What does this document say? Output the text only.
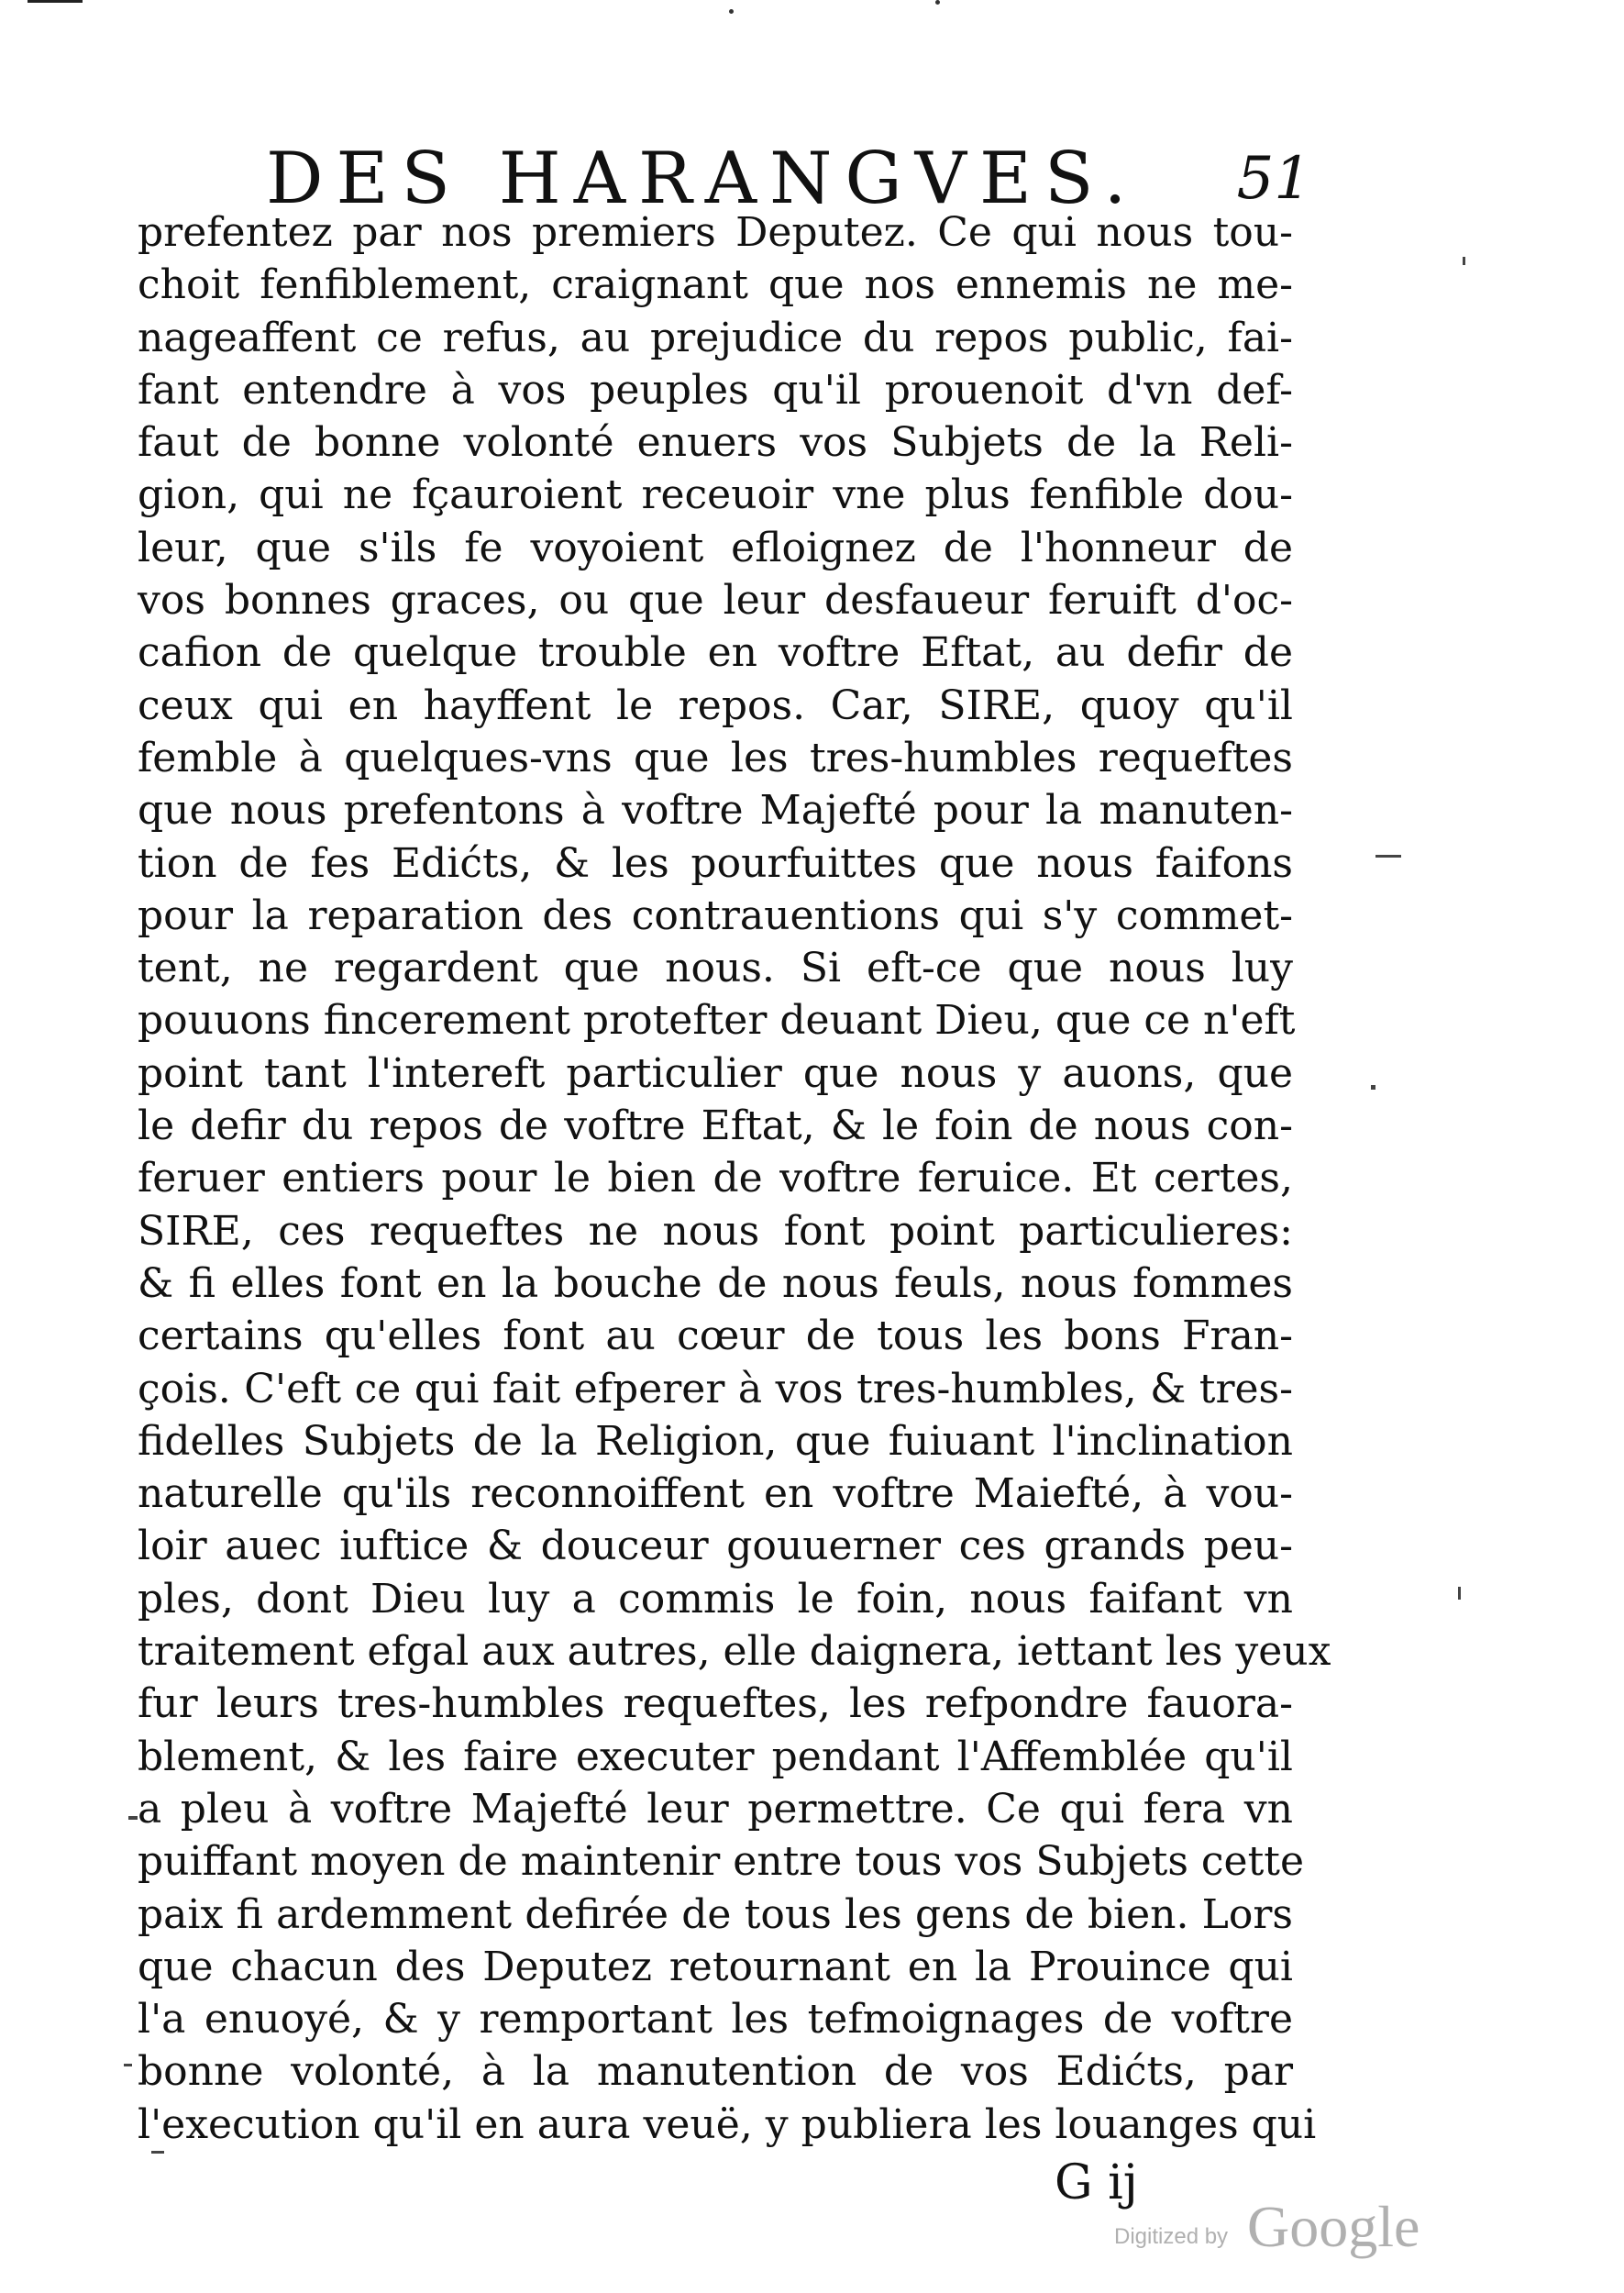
DES HARANGVES. 51
prefentez par nos premiers Deputez. Ce qui nous tou-
choit fenfiblement, craignant que nos ennemis ne me-
nageaffent ce refus, au prejudice du repos public, fai-
fant entendre à vos peuples qu'il prouenoit d'vn def-
faut de bonne volonté enuers vos Subjets de la Reli-
gion, qui ne fçauroient receuoir vne plus fenfible dou-
leur, que s'ils fe voyoient efloignez de l'honneur de
vos bonnes graces, ou que leur desfaueur feruift d'oc-
cafion de quelque trouble en voftre Eftat, au defir de
ceux qui en hayffent le repos. Car, SIRE, quoy qu'il
femble à quelques-vns que les tres-humbles requeftes
que nous prefentons à voftre Majefté pour la manuten-
tion de fes Edićts, & les pourfuittes que nous faifons
pour la reparation des contrauentions qui s'y commet-
tent, ne regardent que nous. Si eft-ce que nous luy
pouuons fincerement protefter deuant Dieu, que ce n'eft
point tant l'intereft particulier que nous y auons, que
le defir du repos de voftre Eftat, & le foin de nous con-
feruer entiers pour le bien de voftre feruice. Et certes,
SIRE, ces requeftes ne nous font point particulieres:
& fi elles font en la bouche de nous feuls, nous fommes
certains qu'elles font au cœur de tous les bons Fran-
çois. C'eft ce qui fait efperer à vos tres-humbles, & tres-
fidelles Subjets de la Religion, que fuiuant l'inclination
naturelle qu'ils reconnoiffent en voftre Maiefté, à vou-
loir auec iuftice & douceur gouuerner ces grands peu-
ples, dont Dieu luy a commis le foin, nous faifant vn
traitement efgal aux autres, elle daignera, iettant les yeux
fur leurs tres-humbles requeftes, les refpondre fauora-
blement, & les faire executer pendant l'Affemblée qu'il
a pleu à voftre Majefté leur permettre. Ce qui fera vn
puiffant moyen de maintenir entre tous vos Subjets cette
paix fi ardemment defirée de tous les gens de bien. Lors
que chacun des Deputez retournant en la Prouince qui
l'a enuoyé, & y remportant les tefmoignages de voftre
bonne volonté, à la manutention de vos Edićts, par
l'execution qu'il en aura veuë, y publiera les louanges qui
G ij
Digitized by Google
